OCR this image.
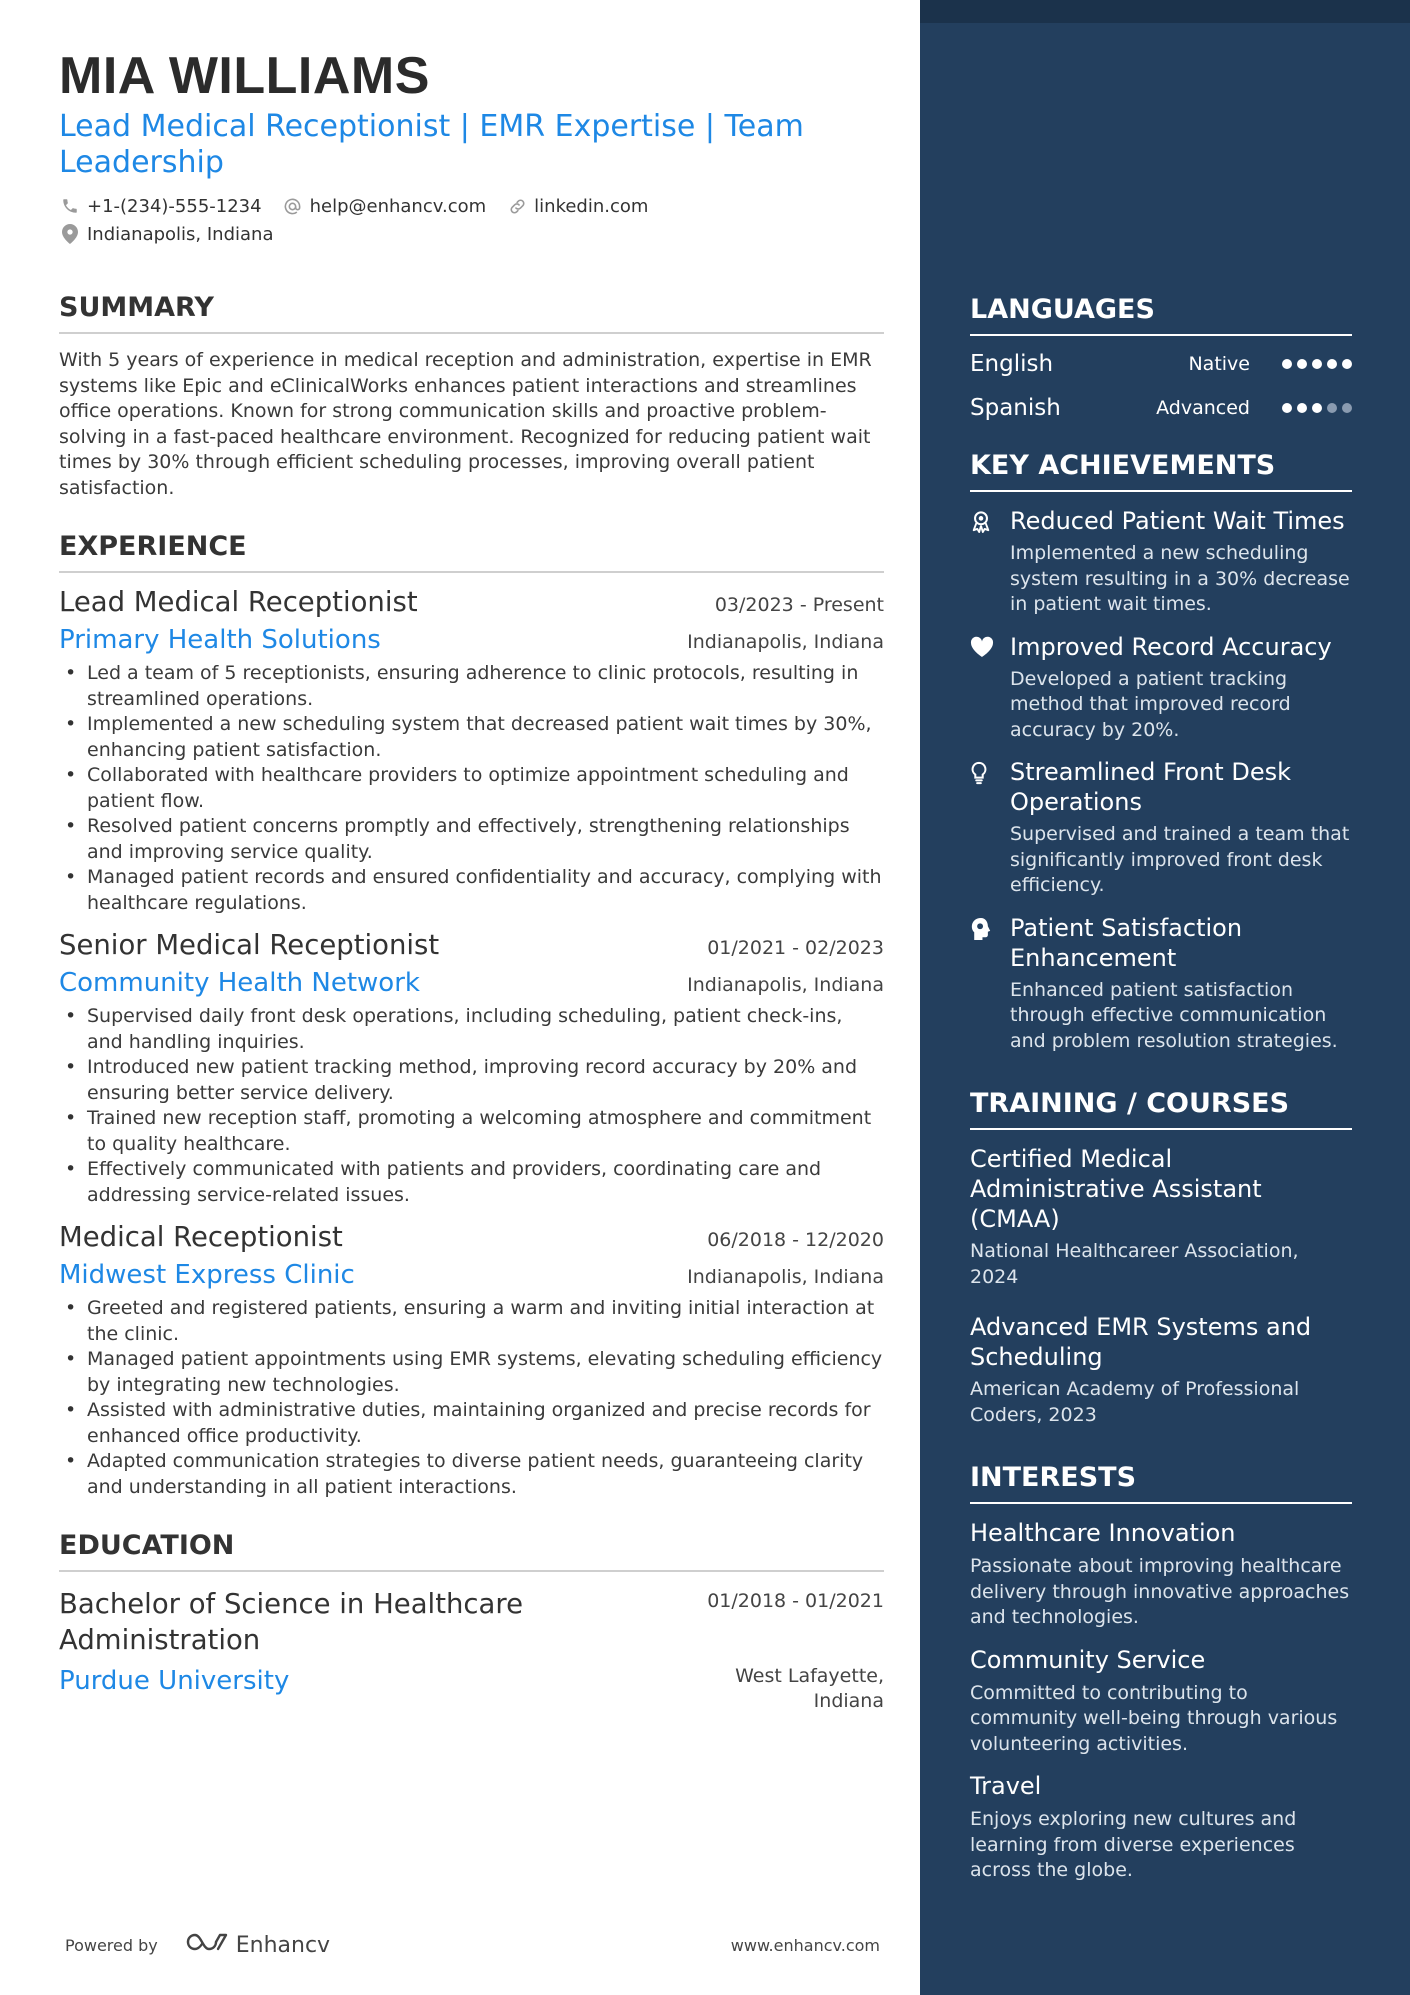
MIA WILLIAMS
Lead Medical Receptionist | EMR Expertise | Team Leadership
+1-(234)-555-1234	help@enhancv.com	linkedin.com
Indianapolis, Indiana
SUMMARY

With 5 years of experience in medical reception and administration, expertise in EMR systems like Epic and eClinicalWorks enhances patient interactions and streamlines office operations. Known for strong communication skills and proactive problem-solving in a fast-paced healthcare environment. Recognized for reducing patient wait times by 30% through efficient scheduling processes, improving overall patient satisfaction.

EXPERIENCE
Lead Medical Receptionist	03/2023 - Present
Primary Health Solutions	Indianapolis, Indiana
• Led a team of 5 receptionists, ensuring adherence to clinic protocols, resulting in streamlined operations.
• Implemented a new scheduling system that decreased patient wait times by 30%, enhancing patient satisfaction.
• Collaborated with healthcare providers to optimize appointment scheduling and patient flow.
• Resolved patient concerns promptly and effectively, strengthening relationships and improving service quality.
• Managed patient records and ensured confidentiality and accuracy, complying with healthcare regulations.
Senior Medical Receptionist	01/2021 - 02/2023
Community Health Network	Indianapolis, Indiana
• Supervised daily front desk operations, including scheduling, patient check-ins, and handling inquiries.
• Introduced new patient tracking method, improving record accuracy by 20% and ensuring better service delivery.
• Trained new reception staff, promoting a welcoming atmosphere and commitment to quality healthcare.
• Effectively communicated with patients and providers, coordinating care and addressing service-related issues.
Medical Receptionist	06/2018 - 12/2020
Midwest Express Clinic	Indianapolis, Indiana
• Greeted and registered patients, ensuring a warm and inviting initial interaction at the clinic.
• Managed patient appointments using EMR systems, elevating scheduling efficiency by integrating new technologies.
• Assisted with administrative duties, maintaining organized and precise records for enhanced office productivity.
• Adapted communication strategies to diverse patient needs, guaranteeing clarity and understanding in all patient interactions.
EDUCATION
Bachelor of Science in Healthcare Administration
01/2018 - 01/2021
Purdue University	West Lafayette, Indiana
Powered by	Enhancv	www.enhancv.com
LANGUAGES
English	Native
Spanish	Advanced
KEY ACHIEVEMENTS
Reduced Patient Wait Times
Implemented a new scheduling system resulting in a 30% decrease in patient wait times.
Improved Record Accuracy
Developed a patient tracking method that improved record accuracy by 20%.
Streamlined Front Desk Operations
Supervised and trained a team that significantly improved front desk efficiency.
Patient Satisfaction Enhancement
Enhanced patient satisfaction through effective communication and problem resolution strategies.
TRAINING / COURSES
Certified Medical Administrative Assistant (CMAA)
National Healthcareer Association, 2024
Advanced EMR Systems and Scheduling
American Academy of Professional Coders, 2023
INTERESTS
Healthcare Innovation
Passionate about improving healthcare delivery through innovative approaches and technologies.
Community Service
Committed to contributing to community well-being through various volunteering activities.
Travel
Enjoys exploring new cultures and learning from diverse experiences across the globe.
